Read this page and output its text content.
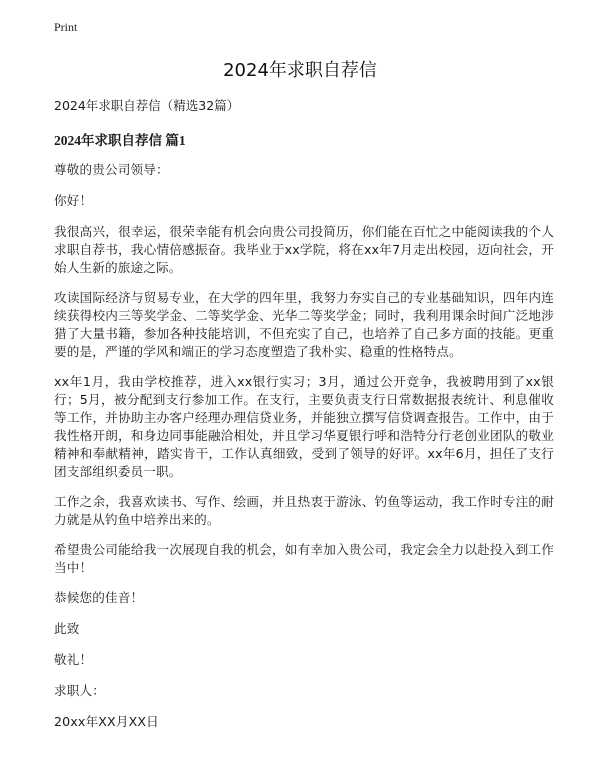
Print
2024年求职自荐信
2024年求职自荐信（精选32篇）
2024年求职自荐信 篇1

尊敬的贵公司领导：

你好！

我很高兴，很幸运，很荣幸能有机会向贵公司投简历，你们能在百忙之中能阅读我的个人求职自荐书，我心情倍感振奋。我毕业于xx学院，将在xx年7月走出校园，迈向社会，开始人生新的旅途之际。

攻读国际经济与贸易专业，在大学的四年里，我努力夯实自己的专业基础知识，四年内连续获得校内三等奖学金、二等奖学金、光华二等奖学金；同时，我利用课余时间广泛地涉猎了大量书籍，参加各种技能培训，不但充实了自己，也培养了自己多方面的技能。更重要的是，严谨的学风和端正的学习态度塑造了我朴实、稳重的性格特点。

xx年1月，我由学校推荐，进入xx银行实习；3月，通过公开竞争，我被聘用到了xx银行；5月，被分配到支行参加工作。在支行，主要负责支行日常数据报表统计、利息催收等工作，并协助主办客户经理办理信贷业务，并能独立撰写信贷调查报告。工作中，由于我性格开朗，和身边同事能融洽相处，并且学习华夏银行呼和浩特分行老创业团队的敬业精神和奉献精神，踏实肯干，工作认真细致，受到了领导的好评。xx年6月，担任了支行团支部组织委员一职。

工作之余，我喜欢读书、写作、绘画，并且热衷于游泳、钓鱼等运动，我工作时专注的耐力就是从钓鱼中培养出来的。

希望贵公司能给我一次展现自我的机会，如有幸加入贵公司，我定会全力以赴投入到工作当中！

恭候您的佳音！

此致

敬礼！

求职人：

20xx年XX月XX日
